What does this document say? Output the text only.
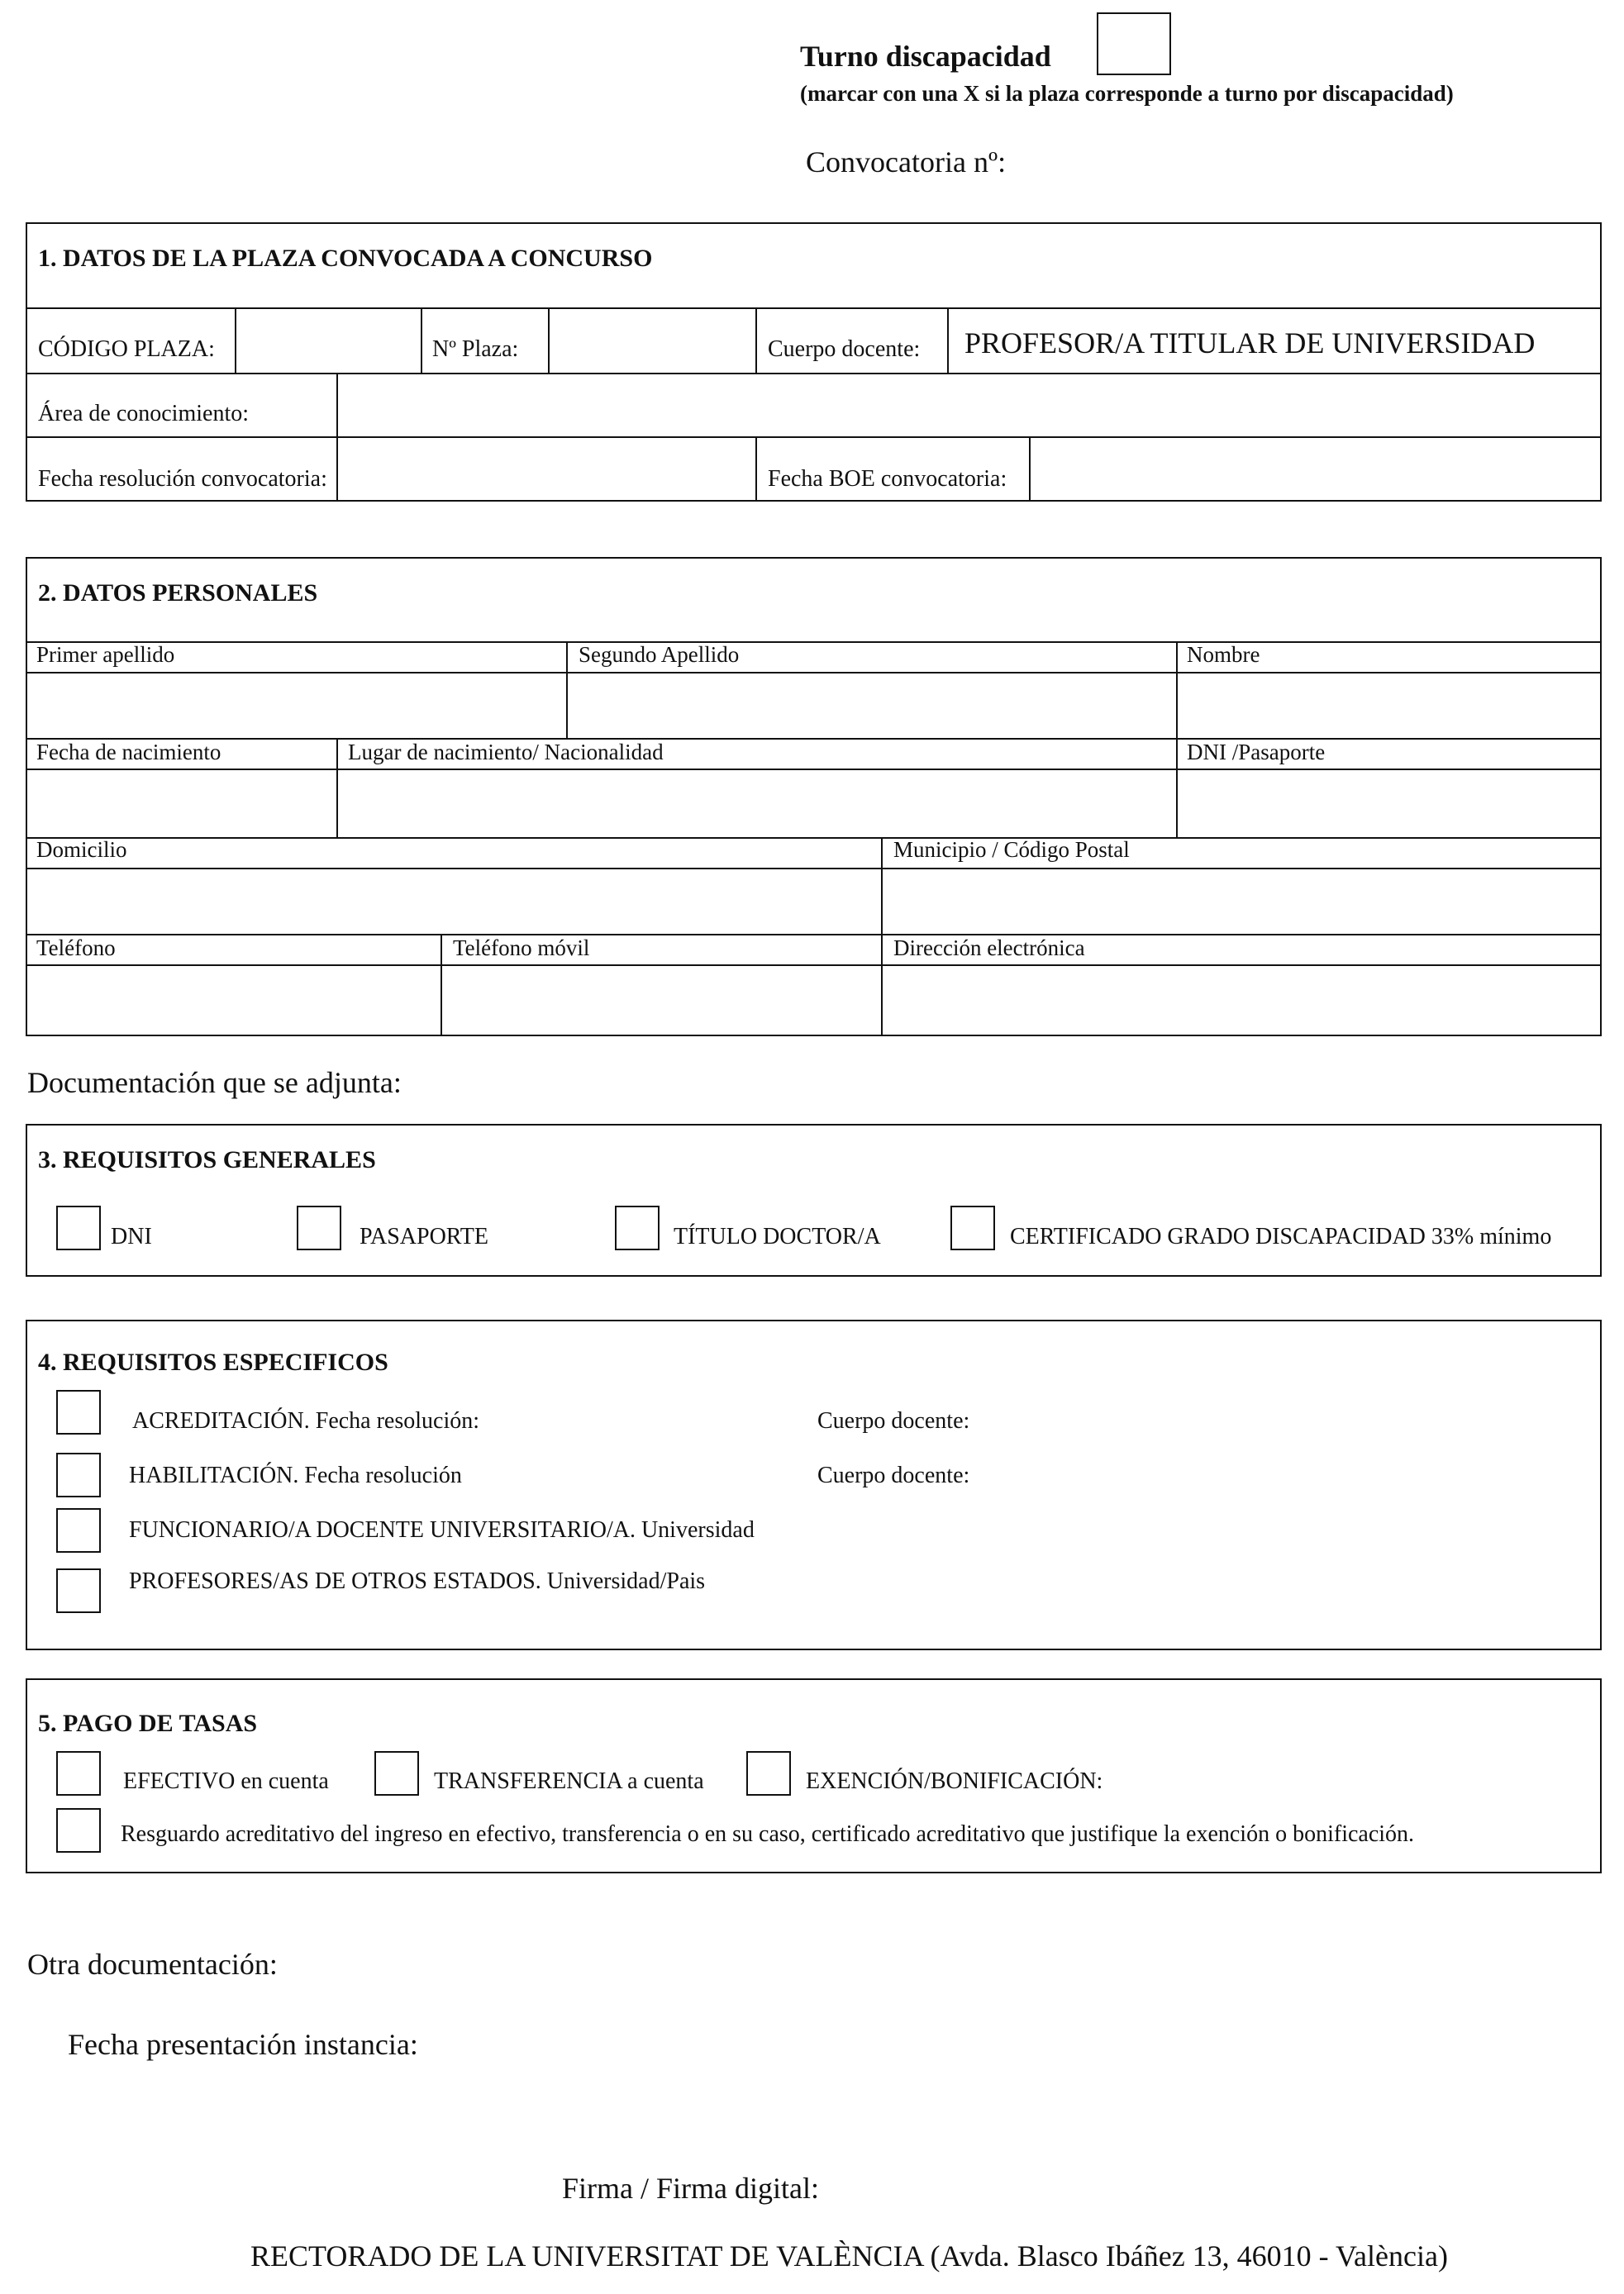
Turno discapacidad
(marcar con una X si la plaza corresponde a turno por discapacidad)
Convocatoria nº:
1. DATOS DE LA PLAZA CONVOCADA A CONCURSO
CÓDIGO PLAZA:	Nº Plaza:	Cuerpo docente: PROFESOR/A TITULAR DE UNIVERSIDAD
Área de conocimiento:
Fecha resolución convocatoria:	Fecha BOE convocatoria:
2. DATOS PERSONALES
Primer apellido	Segundo Apellido	Nombre
Fecha de nacimiento	Lugar de nacimiento/ Nacionalidad	DNI /Pasaporte
Domicilio	Municipio / Código Postal
Teléfono	Teléfono móvil	Dirección electrónica
Documentación que se adjunta:
3. REQUISITOS GENERALES
DNI	PASAPORTE	TÍTULO DOCTOR/A	CERTIFICADO GRADO DISCAPACIDAD 33% mínimo
4. REQUISITOS ESPECIFICOS
ACREDITACIÓN. Fecha resolución:	Cuerpo docente:
HABILITACIÓN. Fecha resolución	Cuerpo docente:
FUNCIONARIO/A DOCENTE UNIVERSITARIO/A. Universidad
PROFESORES/AS DE OTROS ESTADOS. Universidad/Pais
5. PAGO DE TASAS
EFECTIVO en cuenta	TRANSFERENCIA a cuenta	EXENCIÓN/BONIFICACIÓN:
Resguardo acreditativo del ingreso en efectivo, transferencia o en su caso, certificado acreditativo que justifique la exención o bonificación.
Otra documentación:
Fecha presentación instancia:
Firma / Firma digital:
RECTORADO DE LA UNIVERSITAT DE VALÈNCIA (Avda. Blasco Ibáñez 13, 46010 - València)
